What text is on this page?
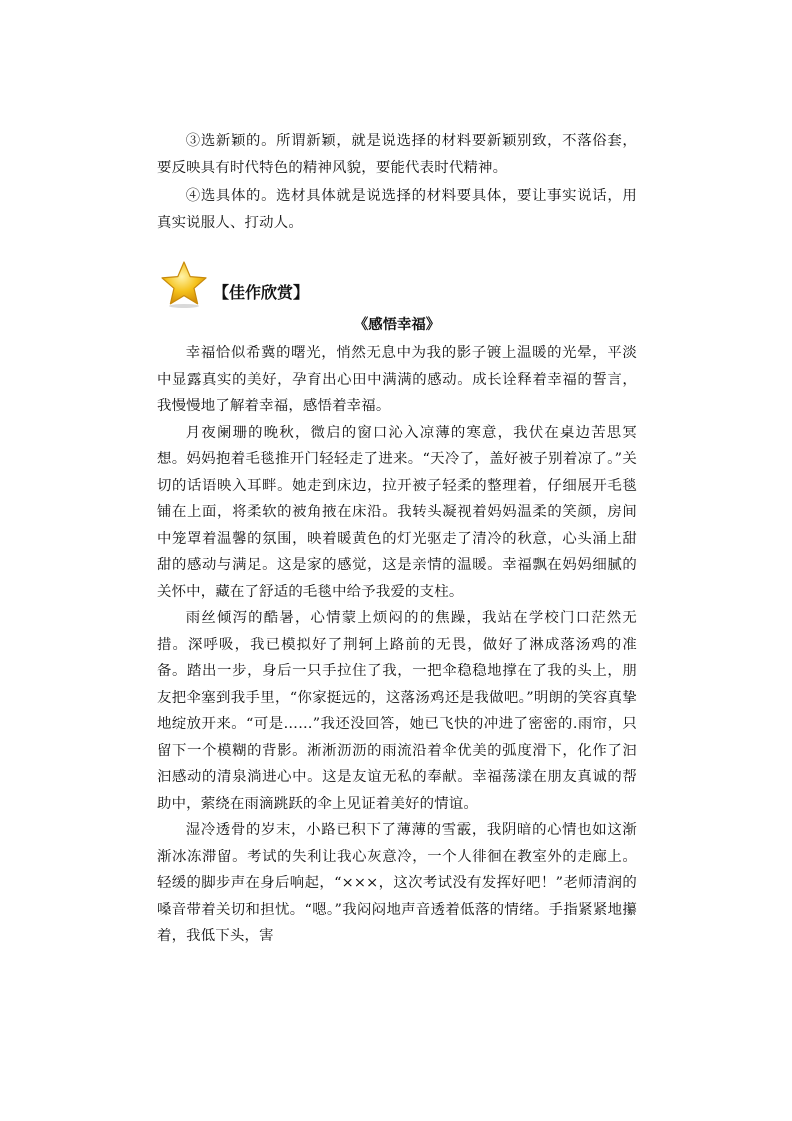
③选新颖的。所谓新颖，就是说选择的材料要新颖别致，不落俗套，要反映具有时代特色的精神风貌，要能代表时代精神。

④选具体的。选材具体就是说选择的材料要具体，要让事实说话，用真实说服人、打动人。

【佳作欣赏】

《感悟幸福》

幸福恰似希冀的曙光，悄然无息中为我的影子镀上温暖的光晕，平淡中显露真实的美好，孕育出心田中满满的感动。成长诠释着幸福的誓言，我慢慢地了解着幸福，感悟着幸福。

月夜阑珊的晚秋，微启的窗口沁入凉薄的寒意，我伏在桌边苦思冥想。妈妈抱着毛毯推开门轻轻走了进来。“天冷了，盖好被子别着凉了。”关切的话语映入耳畔。她走到床边，拉开被子轻柔的整理着，仔细展开毛毯铺在上面，将柔软的被角掖在床沿。我转头凝视着妈妈温柔的笑颜，房间中笼罩着温馨的氛围，映着暖黄色的灯光驱走了清冷的秋意，心头涌上甜甜的感动与满足。这是家的感觉，这是亲情的温暖。幸福飘在妈妈细腻的关怀中，藏在了舒适的毛毯中给予我爱的支柱。

雨丝倾泻的酷暑，心情蒙上烦闷的的焦躁，我站在学校门口茫然无措。深呼吸，我已模拟好了荆轲上路前的无畏，做好了淋成落汤鸡的准备。踏出一步，身后一只手拉住了我，一把伞稳稳地撑在了我的头上，朋友把伞塞到我手里，“你家挺远的，这落汤鸡还是我做吧。”明朗的笑容真挚地绽放开来。“可是……”我还没回答，她已飞快的冲进了密密的.雨帘，只留下一个模糊的背影。淅淅沥沥的雨流沿着伞优美的弧度滑下，化作了汩汩感动的清泉淌进心中。这是友谊无私的奉献。幸福荡漾在朋友真诚的帮助中，萦绕在雨滴跳跃的伞上见证着美好的情谊。

湿冷透骨的岁末，小路已积下了薄薄的雪霰，我阴暗的心情也如这渐渐冰冻滞留。考试的失利让我心灰意冷，一个人徘徊在教室外的走廊上。轻缓的脚步声在身后响起，“×××，这次考试没有发挥好吧！”老师清润的嗓音带着关切和担忧。“嗯。”我闷闷地声音透着低落的情绪。手指紧紧地攥着，我低下头，害
